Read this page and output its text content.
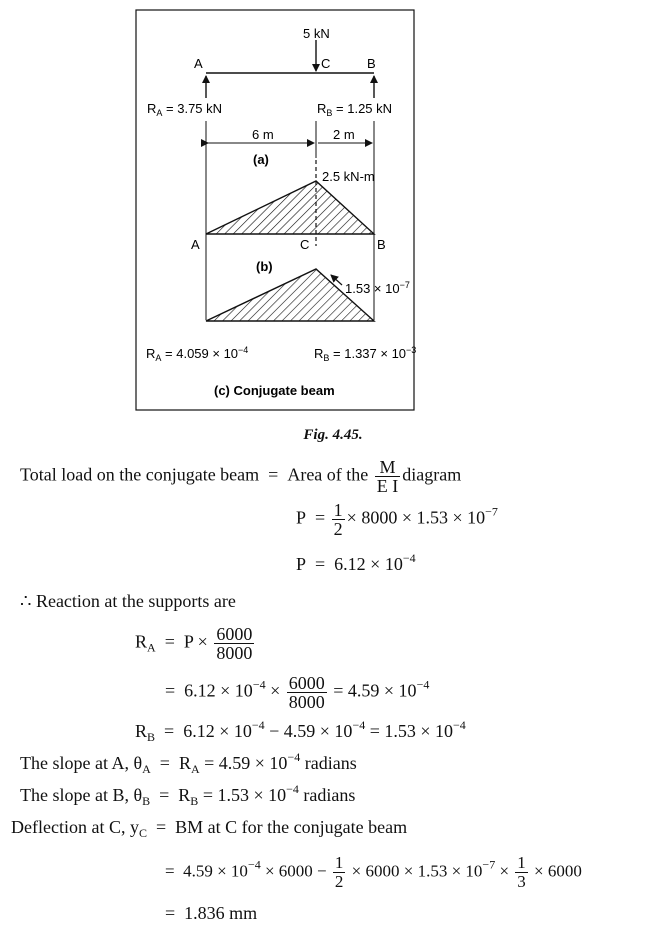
5 kN
A	C	B
$R_A = 3.75$ kN	$R_B = 1.25$ kN
6 m	2 m
(a)
2.5 kN-m
A	C	B
(b)
$1.53 \times 10^{-7}$
$R_A = 4.059 \times 10^{-4}$	$R_B = 1.337 \times 10^{-3}$
(c) Conjugate beam
Fig. 4.45.
Total load on the conjugate beam = Area of the $\frac{M}{\text{E I}}$ diagram
$P = \frac{1}{2} \times 8000 \times 1.53 \times 10^{-7}$
$P = 6.12 \times 10^{-4}$
∴ Reaction at the supports are
$R_A = P \times \frac{6000}{8000}$
= $6.12 \times 10^{-4} \times \frac{6000}{8000} = 4.59 \times 10^{-4}$
$R_B = 6.12 \times 10^{-4} - 4.59 \times 10^{-4} = 1.53 \times 10^{-4}$
The slope at A, $\theta_A = R_A = 4.59 \times 10^{-4}$ radians
The slope at B, $\theta_B = R_B = 1.53 \times 10^{-4}$ radians
Deflection at C, $y_C$ = BM at C for the conjugate beam
= $4.59 \times 10^{-4} \times 6000 - \frac{1}{2} \times 6000 \times 1.53 \times 10^{-7} \times \frac{1}{3} \times 6000$
= 1.836 mm
